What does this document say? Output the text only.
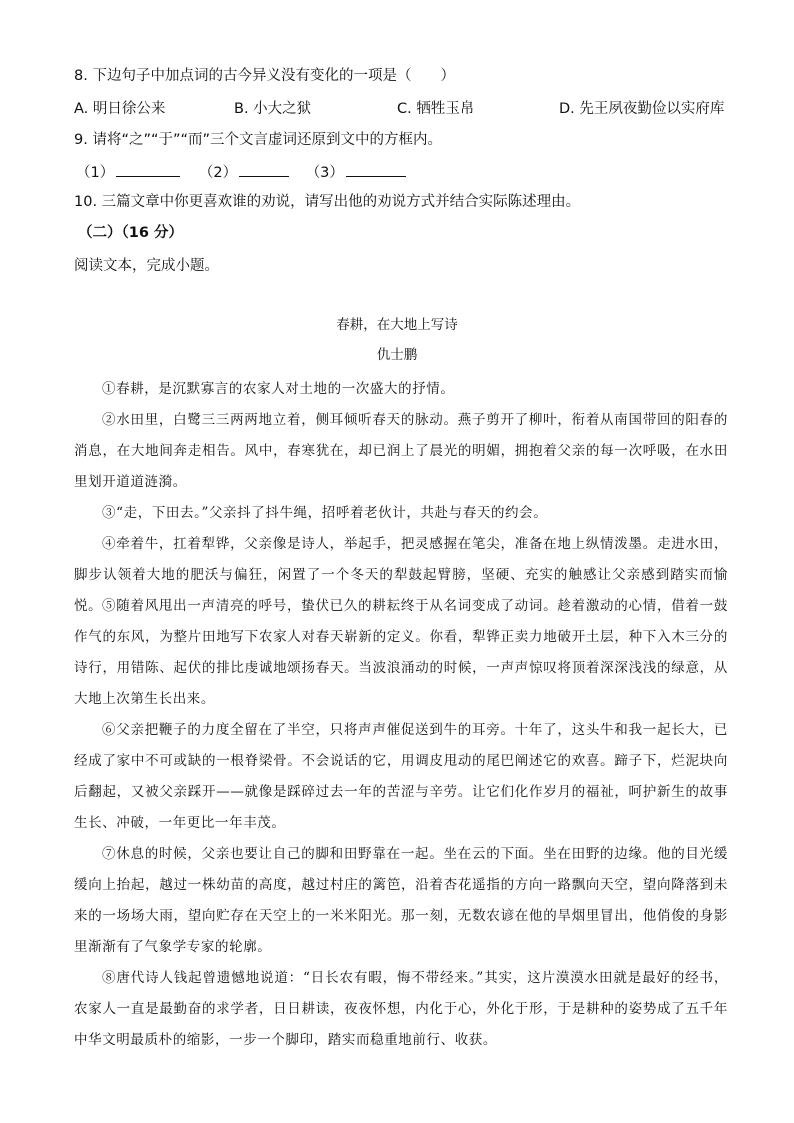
8. 下边句子中加点词的古今异义没有变化的一项是（　　）
A. 明日徐公来	B. 小大之狱	C. 牺牲玉帛	D. 先王夙夜勤俭以实府库
9. 请将“之”“于”“而”三个文言虚词还原到文中的方框内。
（1）	（2）	（3）
10. 三篇文章中你更喜欢谁的劝说，请写出他的劝说方式并结合实际陈述理由。
（二）（16 分）
阅读文本，完成小题。
春耕，在大地上写诗
仇士鹏

①春耕，是沉默寡言的农家人对土地的一次盛大的抒情。

②水田里，白鹭三三两两地立着，侧耳倾听春天的脉动。燕子剪开了柳叶，衔着从南国带回的阳春的消息，在大地间奔走相告。风中，春寒犹在，却已润上了晨光的明媚，拥抱着父亲的每一次呼吸，在水田里划开道道涟漪。

③“走，下田去。”父亲抖了抖牛绳，招呼着老伙计，共赴与春天的约会。

④牵着牛，扛着犁铧，父亲像是诗人，举起手，把灵感握在笔尖，准备在地上纵情泼墨。走进水田，脚步认领着大地的肥沃与偏狂，闲置了一个冬天的犁鼓起臂膀，坚硬、充实的触感让父亲感到踏实而愉悦。 ⑤随着风甩出一声清亮的呼号，蛰伏已久的耕耘终于从名词变成了动词。趁着激动的心情，借着一鼓作气的东风，为整片田地写下农家人对春天崭新的定义。你看，犁铧正卖力地破开土层，种下入木三分的诗行，用错陈、起伏的排比虔诚地颂扬春天。当波浪涌动的时候，一声声惊叹将顶着深深浅浅的绿意，从大地上次第生长出来。

⑥父亲把鞭子的力度全留在了半空，只将声声催促送到牛的耳旁。十年了，这头牛和我一起长大，已经成了家中不可或缺的一根脊梁骨。不会说话的它，用调皮甩动的尾巴阐述它的欢喜。蹄子下，烂泥块向后翻起，又被父亲踩开——就像是踩碎过去一年的苦涩与辛劳。让它们化作岁月的福祉，呵护新生的故事生长、冲破，一年更比一年丰茂。

⑦休息的时候，父亲也要让自己的脚和田野靠在一起。坐在云的下面。坐在田野的边缘。他的目光缓缓向上抬起，越过一株幼苗的高度，越过村庄的篱笆，沿着杏花遥指的方向一路飘向天空，望向降落到未来的一场场大雨，望向贮存在天空上的一米米阳光。那一刻，无数农谚在他的旱烟里冒出，他俏俊的身影里渐渐有了气象学专家的轮廓。

⑧唐代诗人钱起曾遗憾地说道：“日长农有暇，悔不带经来。”其实，这片漠漠水田就是最好的经书，农家人一直是最勤奋的求学者，日日耕读，夜夜怀想，内化于心，外化于形，于是耕种的姿势成了五千年中华文明最质朴的缩影，一步一个脚印，踏实而稳重地前行、收获。
